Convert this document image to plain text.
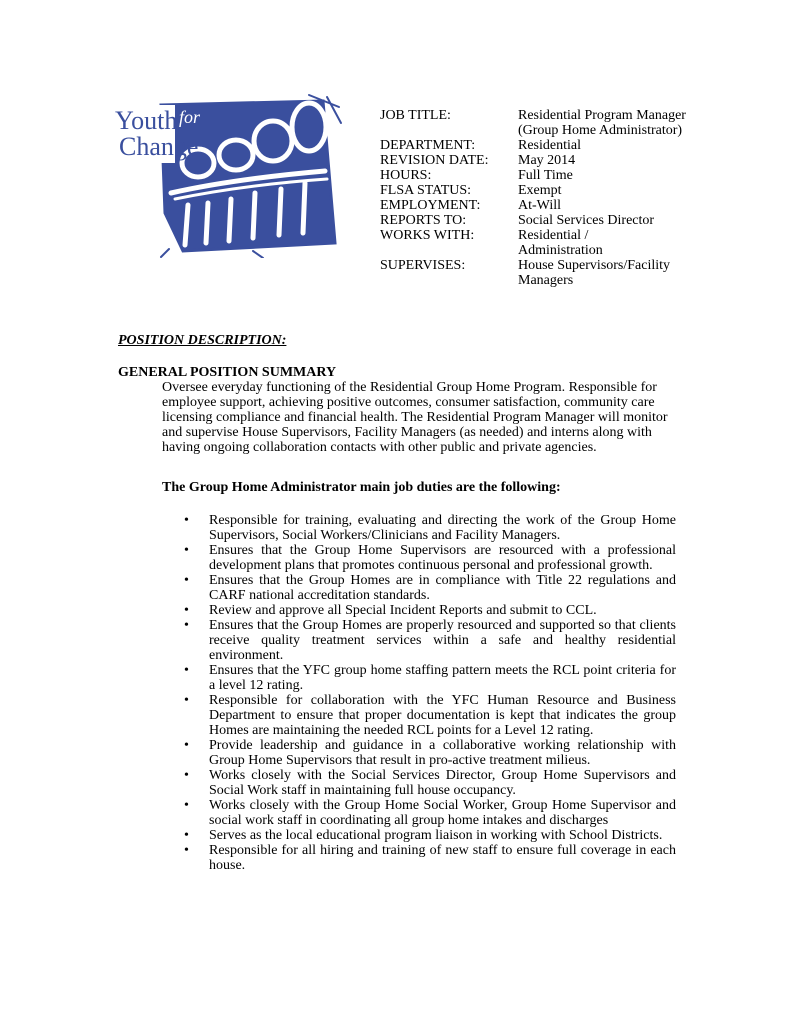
Youth for
Change
JOB TITLE:	Residential Program Manager
(Group Home Administrator)
DEPARTMENT:	Residential
REVISION DATE:	May 2014
HOURS:	Full Time
FLSA STATUS:	Exempt
EMPLOYMENT:	At-Will
REPORTS TO:	Social Services Director
WORKS WITH:	Residential /
Administration
SUPERVISES:	House Supervisors/Facility
Managers
POSITION DESCRIPTION:
GENERAL POSITION SUMMARY
Oversee everyday functioning of the Residential Group Home Program. Responsible for employee support, achieving positive outcomes, consumer satisfaction, community care licensing compliance and financial health. The Residential Program Manager will monitor and supervise House Supervisors, Facility Managers (as needed) and interns along with having ongoing collaboration contacts with other public and private agencies.
The Group Home Administrator main job duties are the following:
• Responsible for training, evaluating and directing the work of the Group Home Supervisors, Social Workers/Clinicians and Facility Managers.
• Ensures that the Group Home Supervisors are resourced with a professional development plans that promotes continuous personal and professional growth.
• Ensures that the Group Homes are in compliance with Title 22 regulations and CARF national accreditation standards.
• Review and approve all Special Incident Reports and submit to CCL.
• Ensures that the Group Homes are properly resourced and supported so that clients receive quality treatment services within a safe and healthy residential environment.
• Ensures that the YFC group home staffing pattern meets the RCL point criteria for a level 12 rating.
• Responsible for collaboration with the YFC Human Resource and Business Department to ensure that proper documentation is kept that indicates the group Homes are maintaining the needed RCL points for a Level 12 rating.
• Provide leadership and guidance in a collaborative working relationship with Group Home Supervisors that result in pro-active treatment milieus.
• Works closely with the Social Services Director, Group Home Supervisors and Social Work staff in maintaining full house occupancy.
• Works closely with the Group Home Social Worker, Group Home Supervisor and social work staff in coordinating all group home intakes and discharges
• Serves as the local educational program liaison in working with School Districts.
• Responsible for all hiring and training of new staff to ensure full coverage in each house.
